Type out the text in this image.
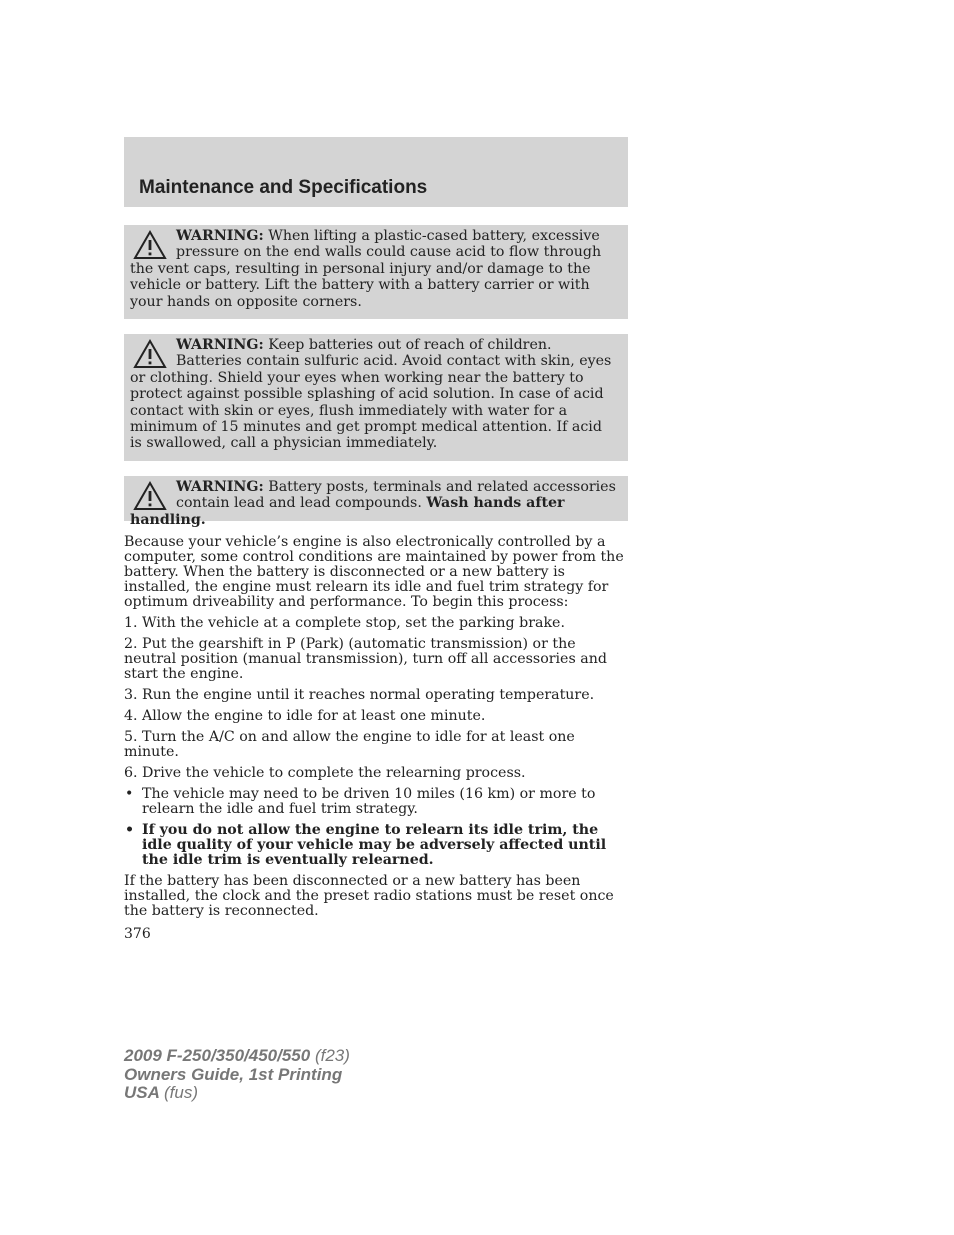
Maintenance and Specifications
WARNING: When lifting a plastic-cased battery, excessive pressure on the end walls could cause acid to flow through the vent caps, resulting in personal injury and/or damage to the vehicle or battery. Lift the battery with a battery carrier or with your hands on opposite corners.
WARNING: Keep batteries out of reach of children. Batteries contain sulfuric acid. Avoid contact with skin, eyes or clothing. Shield your eyes when working near the battery to protect against possible splashing of acid solution. In case of acid contact with skin or eyes, flush immediately with water for a minimum of 15 minutes and get prompt medical attention. If acid is swallowed, call a physician immediately.
WARNING: Battery posts, terminals and related accessories contain lead and lead compounds. Wash hands after handling.

Because your vehicle’s engine is also electronically controlled by a computer, some control conditions are maintained by power from the battery. When the battery is disconnected or a new battery is installed, the engine must relearn its idle and fuel trim strategy for optimum driveability and performance. To begin this process:

1. With the vehicle at a complete stop, set the parking brake.

2. Put the gearshift in P (Park) (automatic transmission) or the neutral position (manual transmission), turn off all accessories and start the engine.

3. Run the engine until it reaches normal operating temperature.

4. Allow the engine to idle for at least one minute.

5. Turn the A/C on and allow the engine to idle for at least one minute.

6. Drive the vehicle to complete the relearning process.

• The vehicle may need to be driven 10 miles (16 km) or more to relearn the idle and fuel trim strategy.
• If you do not allow the engine to relearn its idle trim, the idle quality of your vehicle may be adversely affected until the idle trim is eventually relearned.

If the battery has been disconnected or a new battery has been installed, the clock and the preset radio stations must be reset once the battery is reconnected.

376
2009 F-250/350/450/550 (f23)
Owners Guide, 1st Printing
USA (fus)
